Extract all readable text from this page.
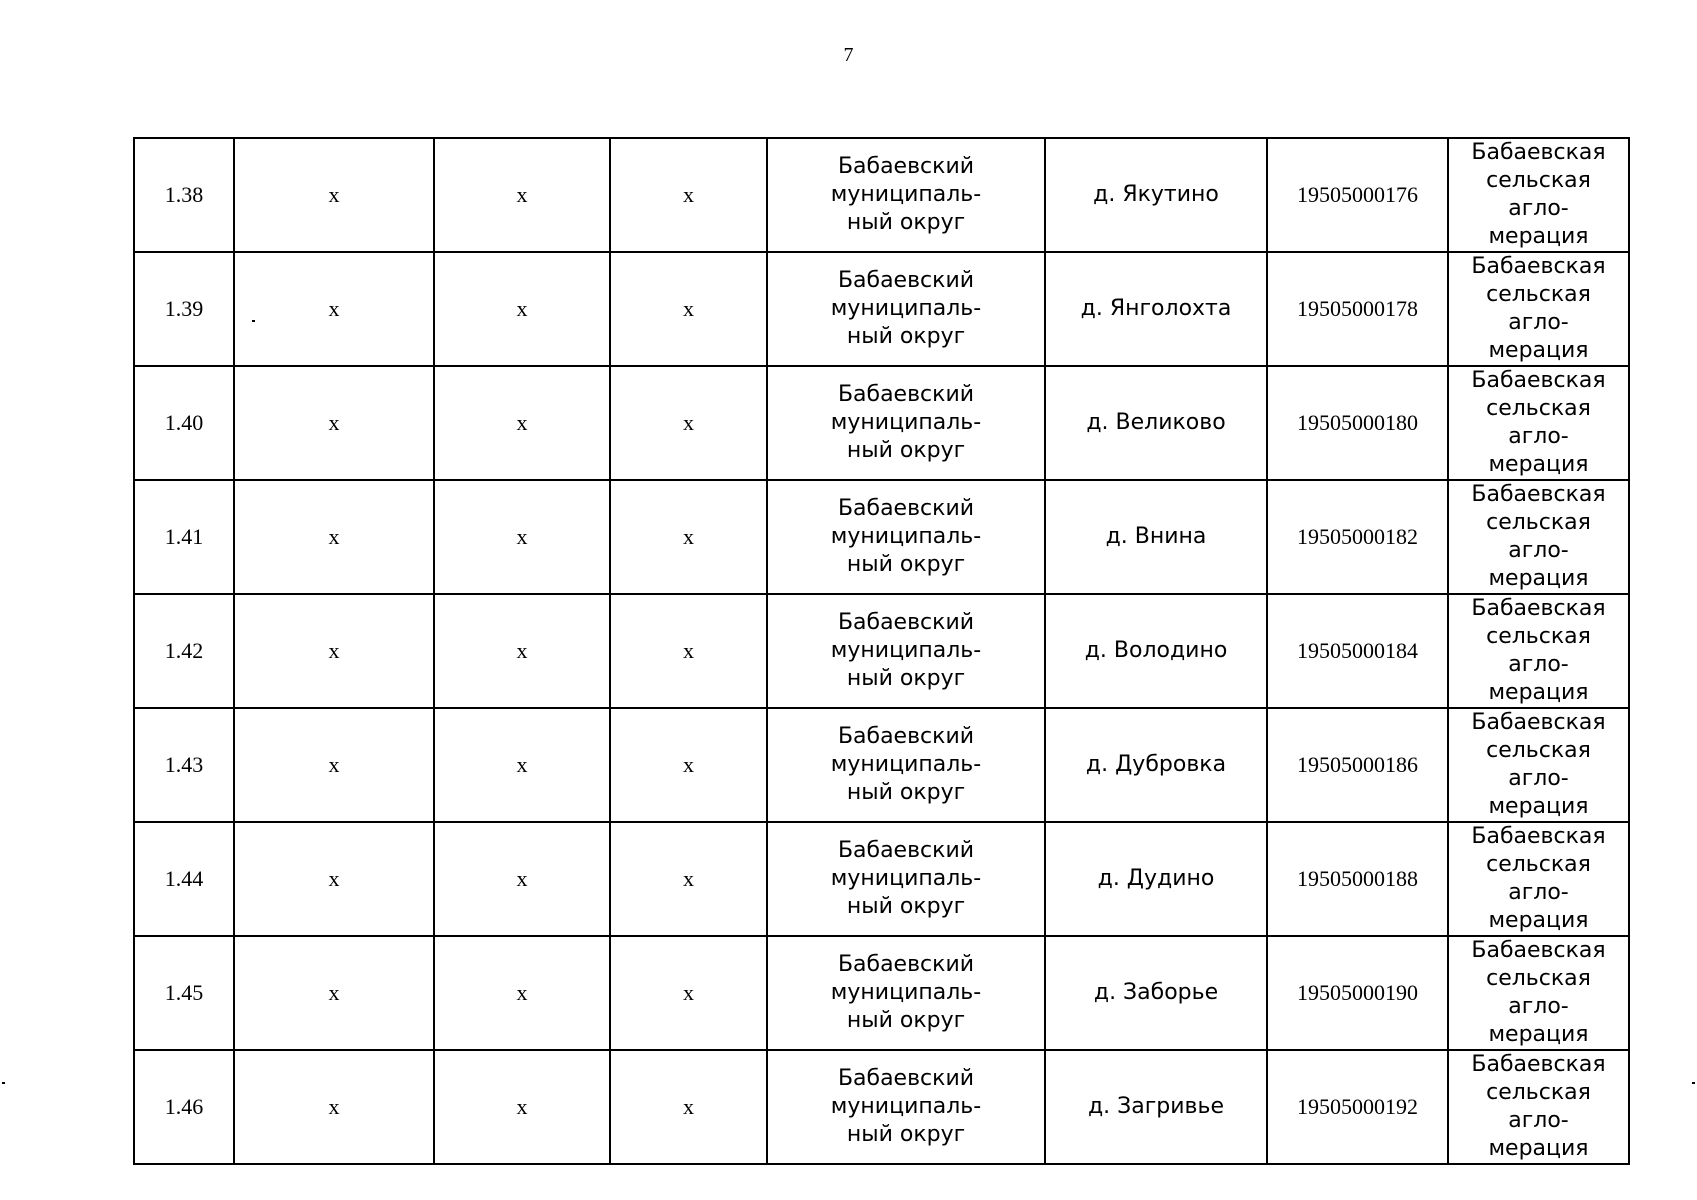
7
1.38	x	x	x	Бабаевский муниципаль-
ный округ	д. Якутино	19505000176	Бабаевская
сельская агло-
мерация
1.39	x	x	x	Бабаевский муниципаль-
ный округ	д. Янголохта	19505000178	Бабаевская
сельская агло-
мерация
1.40	x	x	x	Бабаевский муниципаль-
ный округ	д. Великово	19505000180	Бабаевская
сельская агло-
мерация
1.41	x	x	x	Бабаевский муниципаль-
ный округ	д. Внина	19505000182	Бабаевская
сельская агло-
мерация
1.42	x	x	x	Бабаевский муниципаль-
ный округ	д. Володино	19505000184	Бабаевская
сельская агло-
мерация
1.43	x	x	x	Бабаевский муниципаль-
ный округ	д. Дубровка	19505000186	Бабаевская
сельская агло-
мерация
1.44	x	x	x	Бабаевский муниципаль-
ный округ	д. Дудино	19505000188	Бабаевская
сельская агло-
мерация
1.45	x	x	x	Бабаевский муниципаль-
ный округ	д. Заборье	19505000190	Бабаевская
сельская агло-
мерация
1.46	x	x	x	Бабаевский муниципаль-
ный округ	д. Загривье	19505000192	Бабаевская
сельская агло-
мерация
